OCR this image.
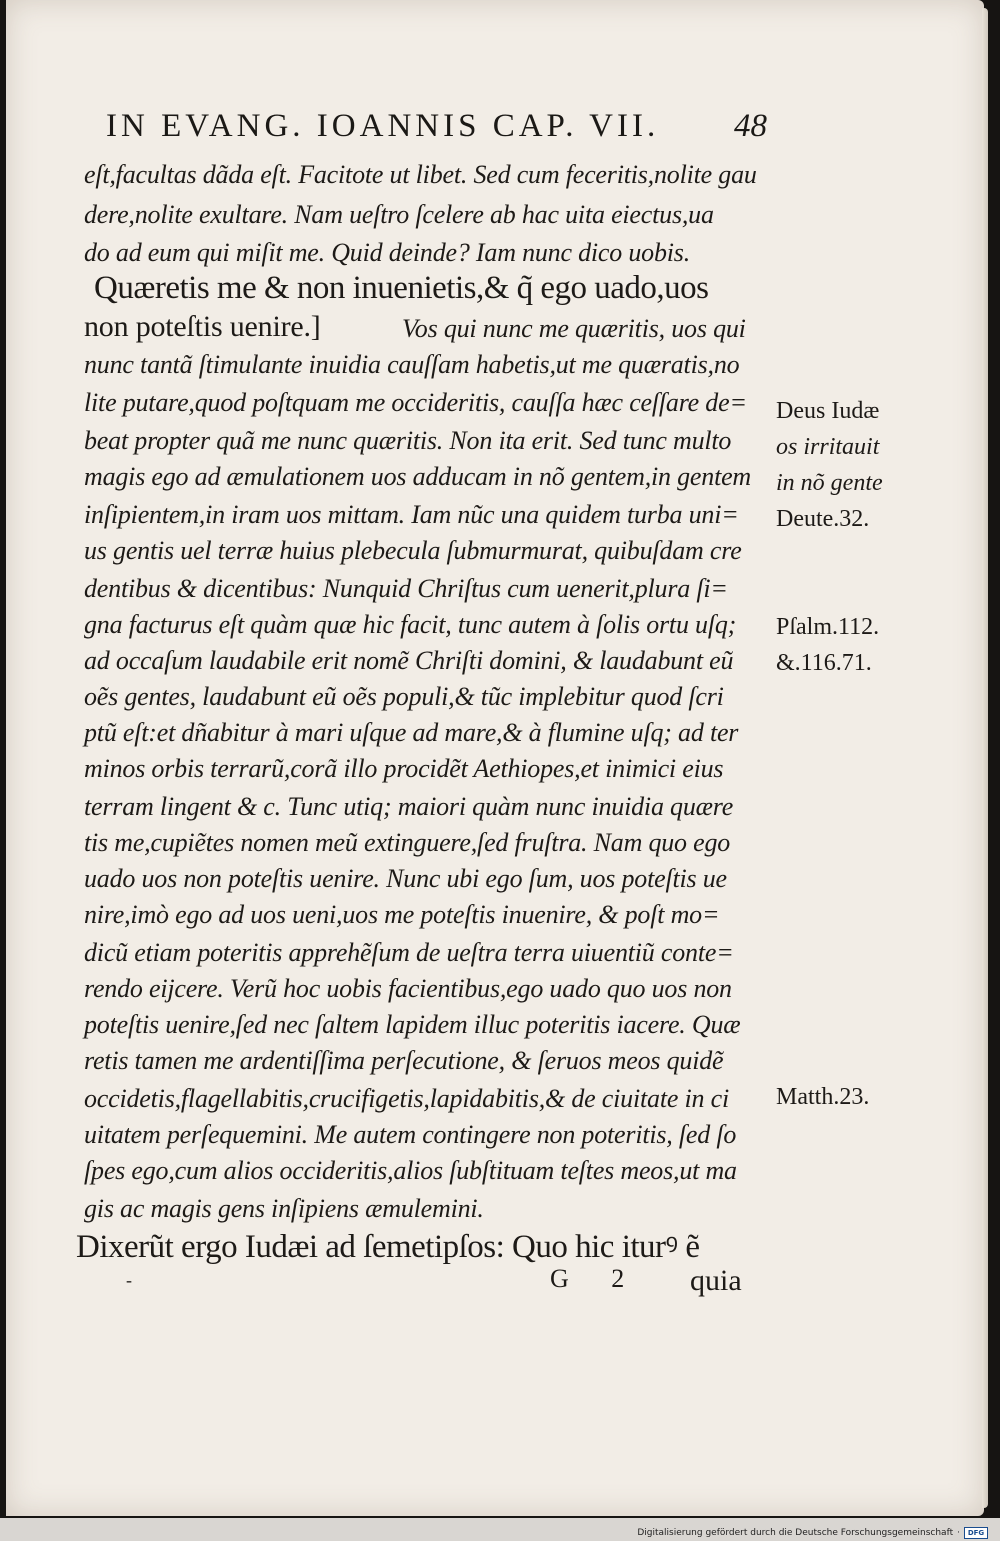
IN EVANG. IOANNIS CAP. VII. 48
eſt,facultas dãda eſt. Facitote ut libet. Sed cum feceritis,nolite gau
dere,nolite exultare. Nam ueſtro ſcelere ab hac uita eiectus,ua
do ad eum qui miſit me. Quid deinde? Iam nunc dico uobis.
Quæretis me & non inuenietis,& q̃ ego uado,uos
non poteſtis uenire.]	Vos qui nunc me quæritis, uos qui
nunc tantã ſtimulante inuidia cauſſam habetis,ut me quæratis,no
lite putare,quod poſtquam me occideritis, cauſſa hæc ceſſare de=
beat propter quã me nunc quæritis. Non ita erit. Sed tunc multo
magis ego ad æmulationem uos adducam in nõ gentem,in gentem
inſipientem,in iram uos mittam. Iam nũc una quidem turba uni=
us gentis uel terræ huius plebecula ſubmurmurat, quibuſdam cre
dentibus & dicentibus: Nunquid Chriſtus cum uenerit,plura ſi=
gna facturus eſt quàm quæ hic facit, tunc autem à ſolis ortu uſq;
ad occaſum laudabile erit nomẽ Chriſti domini, & laudabunt eũ
oẽs gentes, laudabunt eũ oẽs populi,& tũc implebitur quod ſcri
ptũ eſt:et dñabitur à mari uſque ad mare,& à flumine uſq; ad ter
minos orbis terrarũ,corã illo procidẽt Aethiopes,et inimici eius
terram lingent & c. Tunc utiq; maiori quàm nunc inuidia quære
tis me,cupiẽtes nomen meũ extinguere,ſed fruſtra. Nam quo ego
uado uos non poteſtis uenire. Nunc ubi ego ſum, uos poteſtis ue
nire,imò ego ad uos ueni,uos me poteſtis inuenire, & poſt mo=
dicũ etiam poteritis apprehẽſum de ueſtra terra uiuentiũ conte=
rendo eijcere. Verũ hoc uobis facientibus,ego uado quo uos non
poteſtis uenire,ſed nec ſaltem lapidem illuc poteritis iacere. Quæ
retis tamen me ardentiſſima perſecutione, & ſeruos meos quidẽ
occidetis,flagellabitis,crucifigetis,lapidabitis,& de ciuitate in ci
uitatem perſequemini. Me autem contingere non poteritis, ſed ſo
ſpes ego,cum alios occideritis,alios ſubſtituam teſtes meos,ut ma
gis ac magis gens inſipiens æmulemini.
Dixerũt ergo Iudæi ad ſemetipſos: Quo hic iturꝰ ẽ
Deus Iudæ
os irritauit
in nõ gente
Deute.32.
Pſalm.112.
&.116.71.
Matth.23.
-	G 2 quia
Digitalisierung gefördert durch die Deutsche Forschungsgemeinschaft ·	DFG
